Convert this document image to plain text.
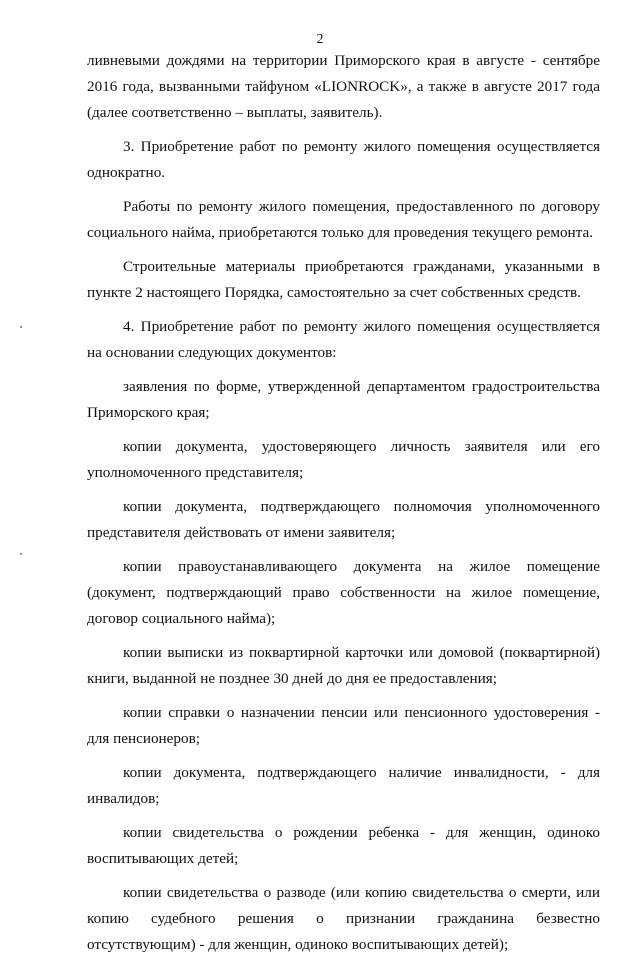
2

ливневыми дождями на территории Приморского края в августе - сентябре 2016 года, вызванными тайфуном «LIONROCK», а также в августе 2017 года (далее соответственно – выплаты, заявитель).

3. Приобретение работ по ремонту жилого помещения осуществляется однократно.

Работы по ремонту жилого помещения, предоставленного по договору социального найма, приобретаются только для проведения текущего ремонта.

Строительные материалы приобретаются гражданами, указанными в пункте 2 настоящего Порядка, самостоятельно за счет собственных средств.

4. Приобретение работ по ремонту жилого помещения осуществляется на основании следующих документов:

заявления по форме, утвержденной департаментом градостроительства Приморского края;

копии документа, удостоверяющего личность заявителя или его уполномоченного представителя;

копии документа, подтверждающего полномочия уполномоченного представителя действовать от имени заявителя;

копии правоустанавливающего документа на жилое помещение (документ, подтверждающий право собственности на жилое помещение, договор социального найма);

копии выписки из поквартирной карточки или домовой (поквартирной) книги, выданной не позднее 30 дней до дня ее предоставления;

копии справки о назначении пенсии или пенсионного удостоверения - для пенсионеров;

копии документа, подтверждающего наличие инвалидности, - для инвалидов;

копии свидетельства о рождении ребенка - для женщин, одиноко воспитывающих детей;

копии свидетельства о разводе (или копию свидетельства о смерти, или копию судебного решения о признании гражданина безвестно отсутствующим) - для женщин, одиноко воспитывающих детей);
